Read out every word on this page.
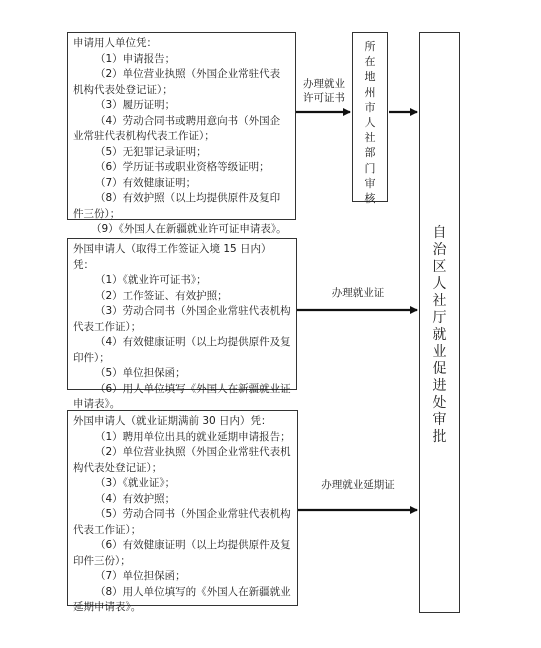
申请用人单位凭：
（1）申请报告；
（2）单位营业执照（外国企业常驻代表
机构代表处登记证）；
（3）履历证明；
（4）劳动合同书或聘用意向书（外国企
业常驻代表机构代表工作证）；
（5）无犯罪记录证明；
（6）学历证书或职业资格等级证明；
（7）有效健康证明；
（8）有效护照（以上均提供原件及复印
件三份）；
（9）《外国人在新疆就业许可证申请表》。
办理就业
许可证书
所
在
地
州
市
人
社
部
门
审
核
自
治
区
人
社
厅
就
业
促
进
处
审
批
外国申请人（取得工作签证入境 15 日内）凭：
（1）《就业许可证书》；
（2）工作签证、有效护照；
（3）劳动合同书（外国企业常驻代表机构
代表工作证）；
（4）有效健康证明（以上均提供原件及复
印件）；
（5）单位担保函；
（6）用人单位填写《外国人在新疆就业证
申请表》。
办理就业证
外国申请人（就业证期满前 30 日内）凭：
（1）聘用单位出具的就业延期申请报告；
（2）单位营业执照（外国企业常驻代表机
构代表处登记证）；
（3）《就业证》；
（4）有效护照；
（5）劳动合同书（外国企业常驻代表机构
代表工作证）；
（6）有效健康证明（以上均提供原件及复
印件三份）；
（7）单位担保函；
（8）用人单位填写的《外国人在新疆就业
延期申请表》。
办理就业延期证
